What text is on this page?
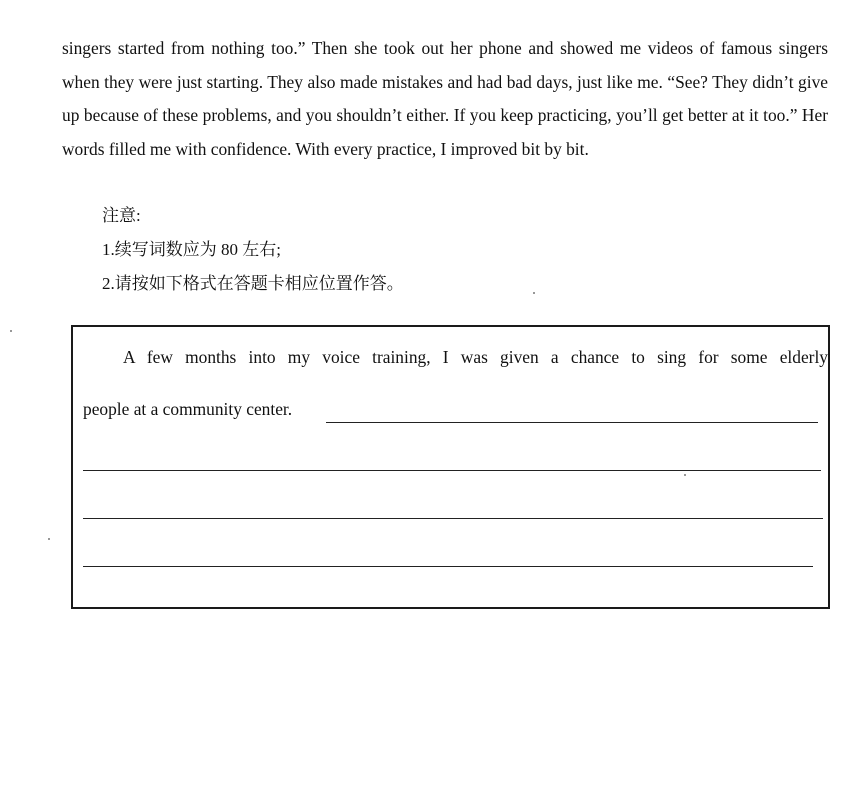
singers started from nothing too.” Then she took out her phone and showed me videos of famous singers when they were just starting. They also made mistakes and had bad days, just like me. “See? They didn’t give up because of these problems, and you shouldn’t either. If you keep practicing, you’ll get better at it too.” Her words filled me with confidence. With every practice, I improved bit by bit.

注意:
1.续写词数应为 80 左右;
2.请按如下格式在答题卡相应位置作答。
A few months into my voice training, I was given a chance to sing for some elderly
people at a community center.
